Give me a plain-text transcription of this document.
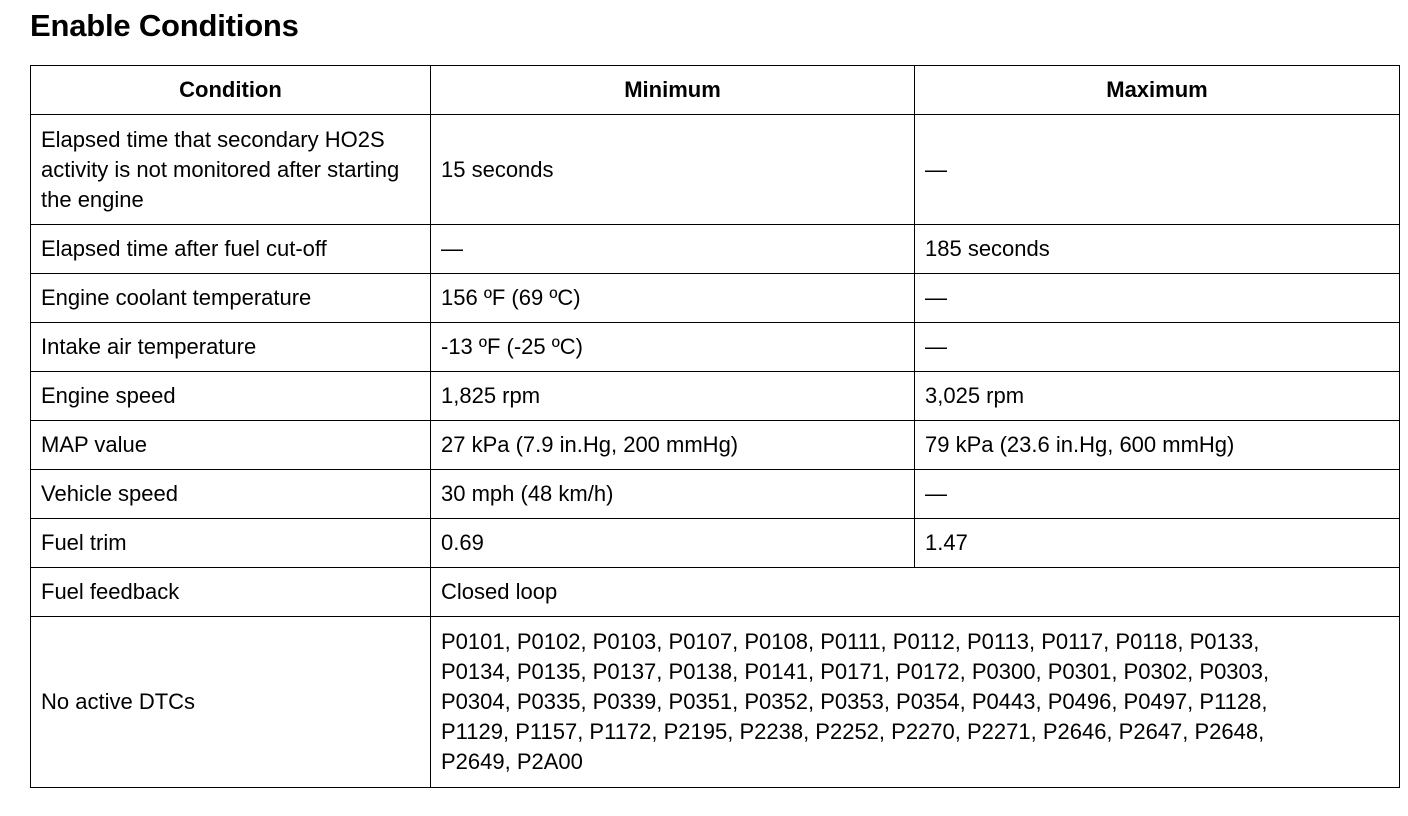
Enable Conditions
Condition	Minimum	Maximum
Elapsed time that secondary HO2S activity is not monitored after starting the engine	15 seconds	—
Elapsed time after fuel cut-off	—	185 seconds
Engine coolant temperature	156 ºF (69 ºC)	—
Intake air temperature	-13 ºF (-25 ºC)	—
Engine speed	1,825 rpm	3,025 rpm
MAP value	27 kPa (7.9 in.Hg, 200 mmHg)	79 kPa (23.6 in.Hg, 600 mmHg)
Vehicle speed	30 mph (48 km/h)	—
Fuel trim	0.69	1.47
Fuel feedback	Closed loop	
No active DTCs	P0101, P0102, P0103, P0107, P0108, P0111, P0112, P0113, P0117, P0118, P0133,
P0134, P0135, P0137, P0138, P0141, P0171, P0172, P0300, P0301, P0302, P0303,
P0304, P0335, P0339, P0351, P0352, P0353, P0354, P0443, P0496, P0497, P1128,
P1129, P1157, P1172, P2195, P2238, P2252, P2270, P2271, P2646, P2647, P2648,
P2649, P2A00	
